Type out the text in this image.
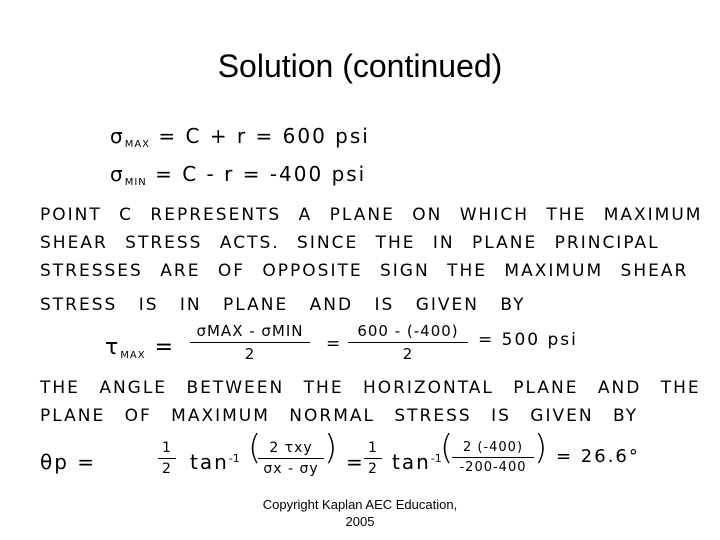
Solution (continued)
$\sigma_{MAX} = C + r = 600$ psi
$\sigma_{MIN} = C - r = -400$ psi
POINT C REPRESENTS A PLANE ON WHICH THE MAXIMUM
SHEAR STRESS ACTS. SINCE THE IN PLANE PRINCIPAL
STRESSES ARE OF OPPOSITE SIGN THE MAXIMUM SHEAR
STRESS IS IN PLANE AND IS GIVEN BY
$\tau_{MAX}$ =
σMAX - σMIN
2	= $\frac{600 - (-400)}{2} = 500$ psi
THE ANGLE BETWEEN THE HORIZONTAL PLANE AND THE
PLANE OF MAXIMUM NORMAL STRESS IS GIVEN BY
θp =	$\frac{1}{2} \tan^{-1}$ ( 2 τxy
σx - σy
) = $\frac{1}{2} \tan^{-1}$
(
$\frac{2 (-400)}{-200-400}$ ) = 26.6°
Copyright Kaplan AEC Education,
2005
